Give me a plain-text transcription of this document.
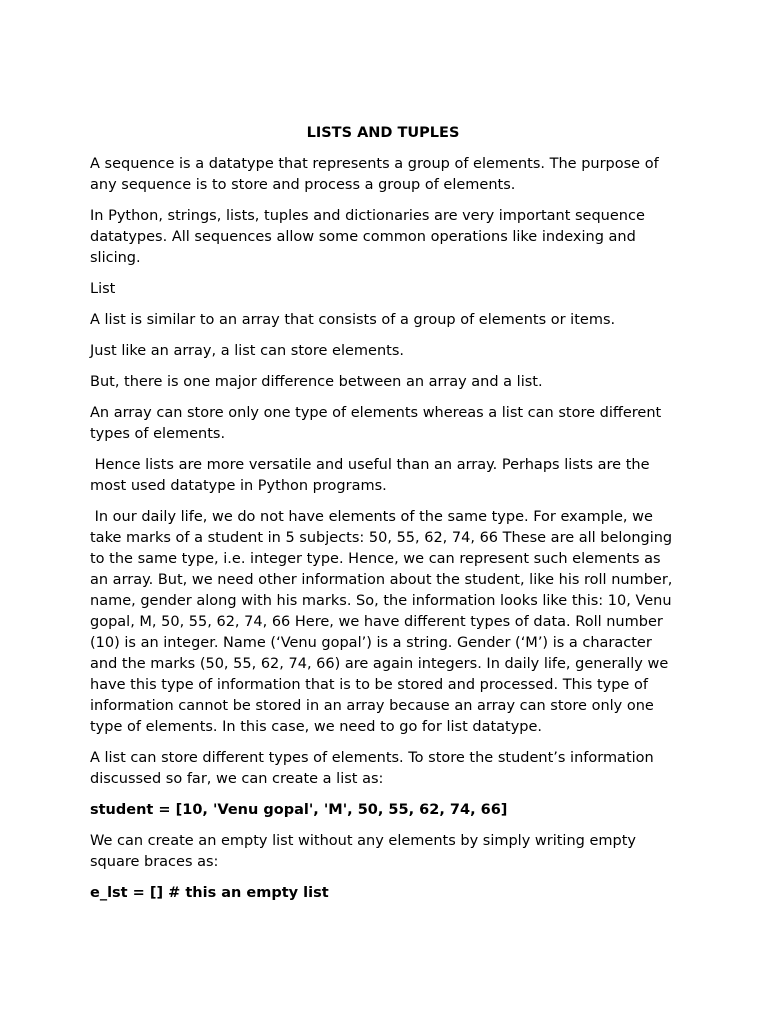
LISTS AND TUPLES

A sequence is a datatype that represents a group of elements. The purpose of any sequence is to store and process a group of elements.

In Python, strings, lists, tuples and dictionaries are very important sequence datatypes. All sequences allow some common operations like indexing and slicing.

List

A list is similar to an array that consists of a group of elements or items.

Just like an array, a list can store elements.

But, there is one major difference between an array and a list.

An array can store only one type of elements whereas a list can store different types of elements.

Hence lists are more versatile and useful than an array. Perhaps lists are the most used datatype in Python programs.

In our daily life, we do not have elements of the same type. For example, we take marks of a student in 5 subjects: 50, 55, 62, 74, 66 These are all belonging to the same type, i.e. integer type. Hence, we can represent such elements as an array. But, we need other information about the student, like his roll number, name, gender along with his marks. So, the information looks like this: 10, Venu gopal, M, 50, 55, 62, 74, 66 Here, we have different types of data. Roll number (10) is an integer. Name (‘Venu gopal’) is a string. Gender (‘M’) is a character and the marks (50, 55, 62, 74, 66) are again integers. In daily life, generally we have this type of information that is to be stored and processed. This type of information cannot be stored in an array because an array can store only one type of elements. In this case, we need to go for list datatype.

A list can store different types of elements. To store the student’s information discussed so far, we can create a list as:

student = [10, 'Venu gopal', 'M', 50, 55, 62, 74, 66]

We can create an empty list without any elements by simply writing empty square braces as:

e_lst = [] # this an empty list
